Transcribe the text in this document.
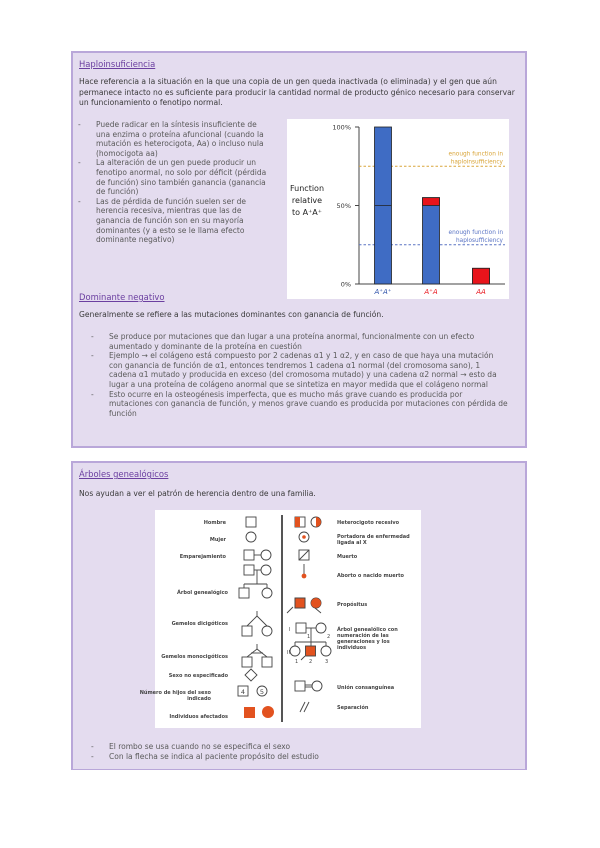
Haploinsuficiencia
Hace referencia a la situación en la que una copia de un gen queda inactivada (o eliminada) y el gen que aún permanece intacto no es suficiente para producir la cantidad normal de producto génico necesario para conservar un funcionamiento o fenotipo normal.
- Puede radicar en la síntesis insuficiente de una enzima o proteína afuncional (cuando la mutación es heterocigota, Aa) o incluso nula (homocigota aa)
- La alteración de un gen puede producir un fenotipo anormal, no solo por déficit (pérdida de función) sino también ganancia (ganancia de función)
- Las de pérdida de función suelen ser de herencia recesiva, mientras que las de ganancia de función son en su mayoría dominantes (y a esto se le llama efecto dominante negativo)
100%
50%
0%
Function
relative
to A⁺A⁺
enough function in
haploinsufficiency
enough function in
haplosufficiency
A⁺A⁺	A⁺A	AA
Dominante negativo
Generalmente se refiere a las mutaciones dominantes con ganancia de función.
- Se produce por mutaciones que dan lugar a una proteína anormal, funcionalmente con un efecto aumentado y dominante de la proteína en cuestión
- Ejemplo → el colágeno está compuesto por 2 cadenas α1 y 1 α2, y en caso de que haya una mutación con ganancia de función de α1, entonces tendremos 1 cadena α1 normal (del cromosoma sano), 1 cadena α1 mutado y producida en exceso (del cromosoma mutado) y una cadena α2 normal → esto da lugar a una proteína de colágeno anormal que se sintetiza en mayor medida que el colágeno normal
- Esto ocurre en la osteogénesis imperfecta, que es mucho más grave cuando es producida por mutaciones con ganancia de función, y menos grave cuando es producida por mutaciones con pérdida de función
Árboles genealógicos
Nos ayudan a ver el patrón de herencia dentro de una familia.
Hombre
Mujer
Emparejamiento
Árbol genealógico
Gemelos dicigóticos
Gemelos monocigóticos
Sexo no especificado
Número de hijos del sexo indicado
Individuos afectados
4 5
I
II
1	2
1 2	3
Heterocigoto recesivo
Portadora de enfermedad ligada al X
Muerto
Aborto o nacido muerto
Propósitus
Árbol genealólico con numeración de las generaciones y los individuos
Unión consanguínea
Separación
- El rombo se usa cuando no se especifica el sexo
- Con la flecha se indica al paciente propósito del estudio
